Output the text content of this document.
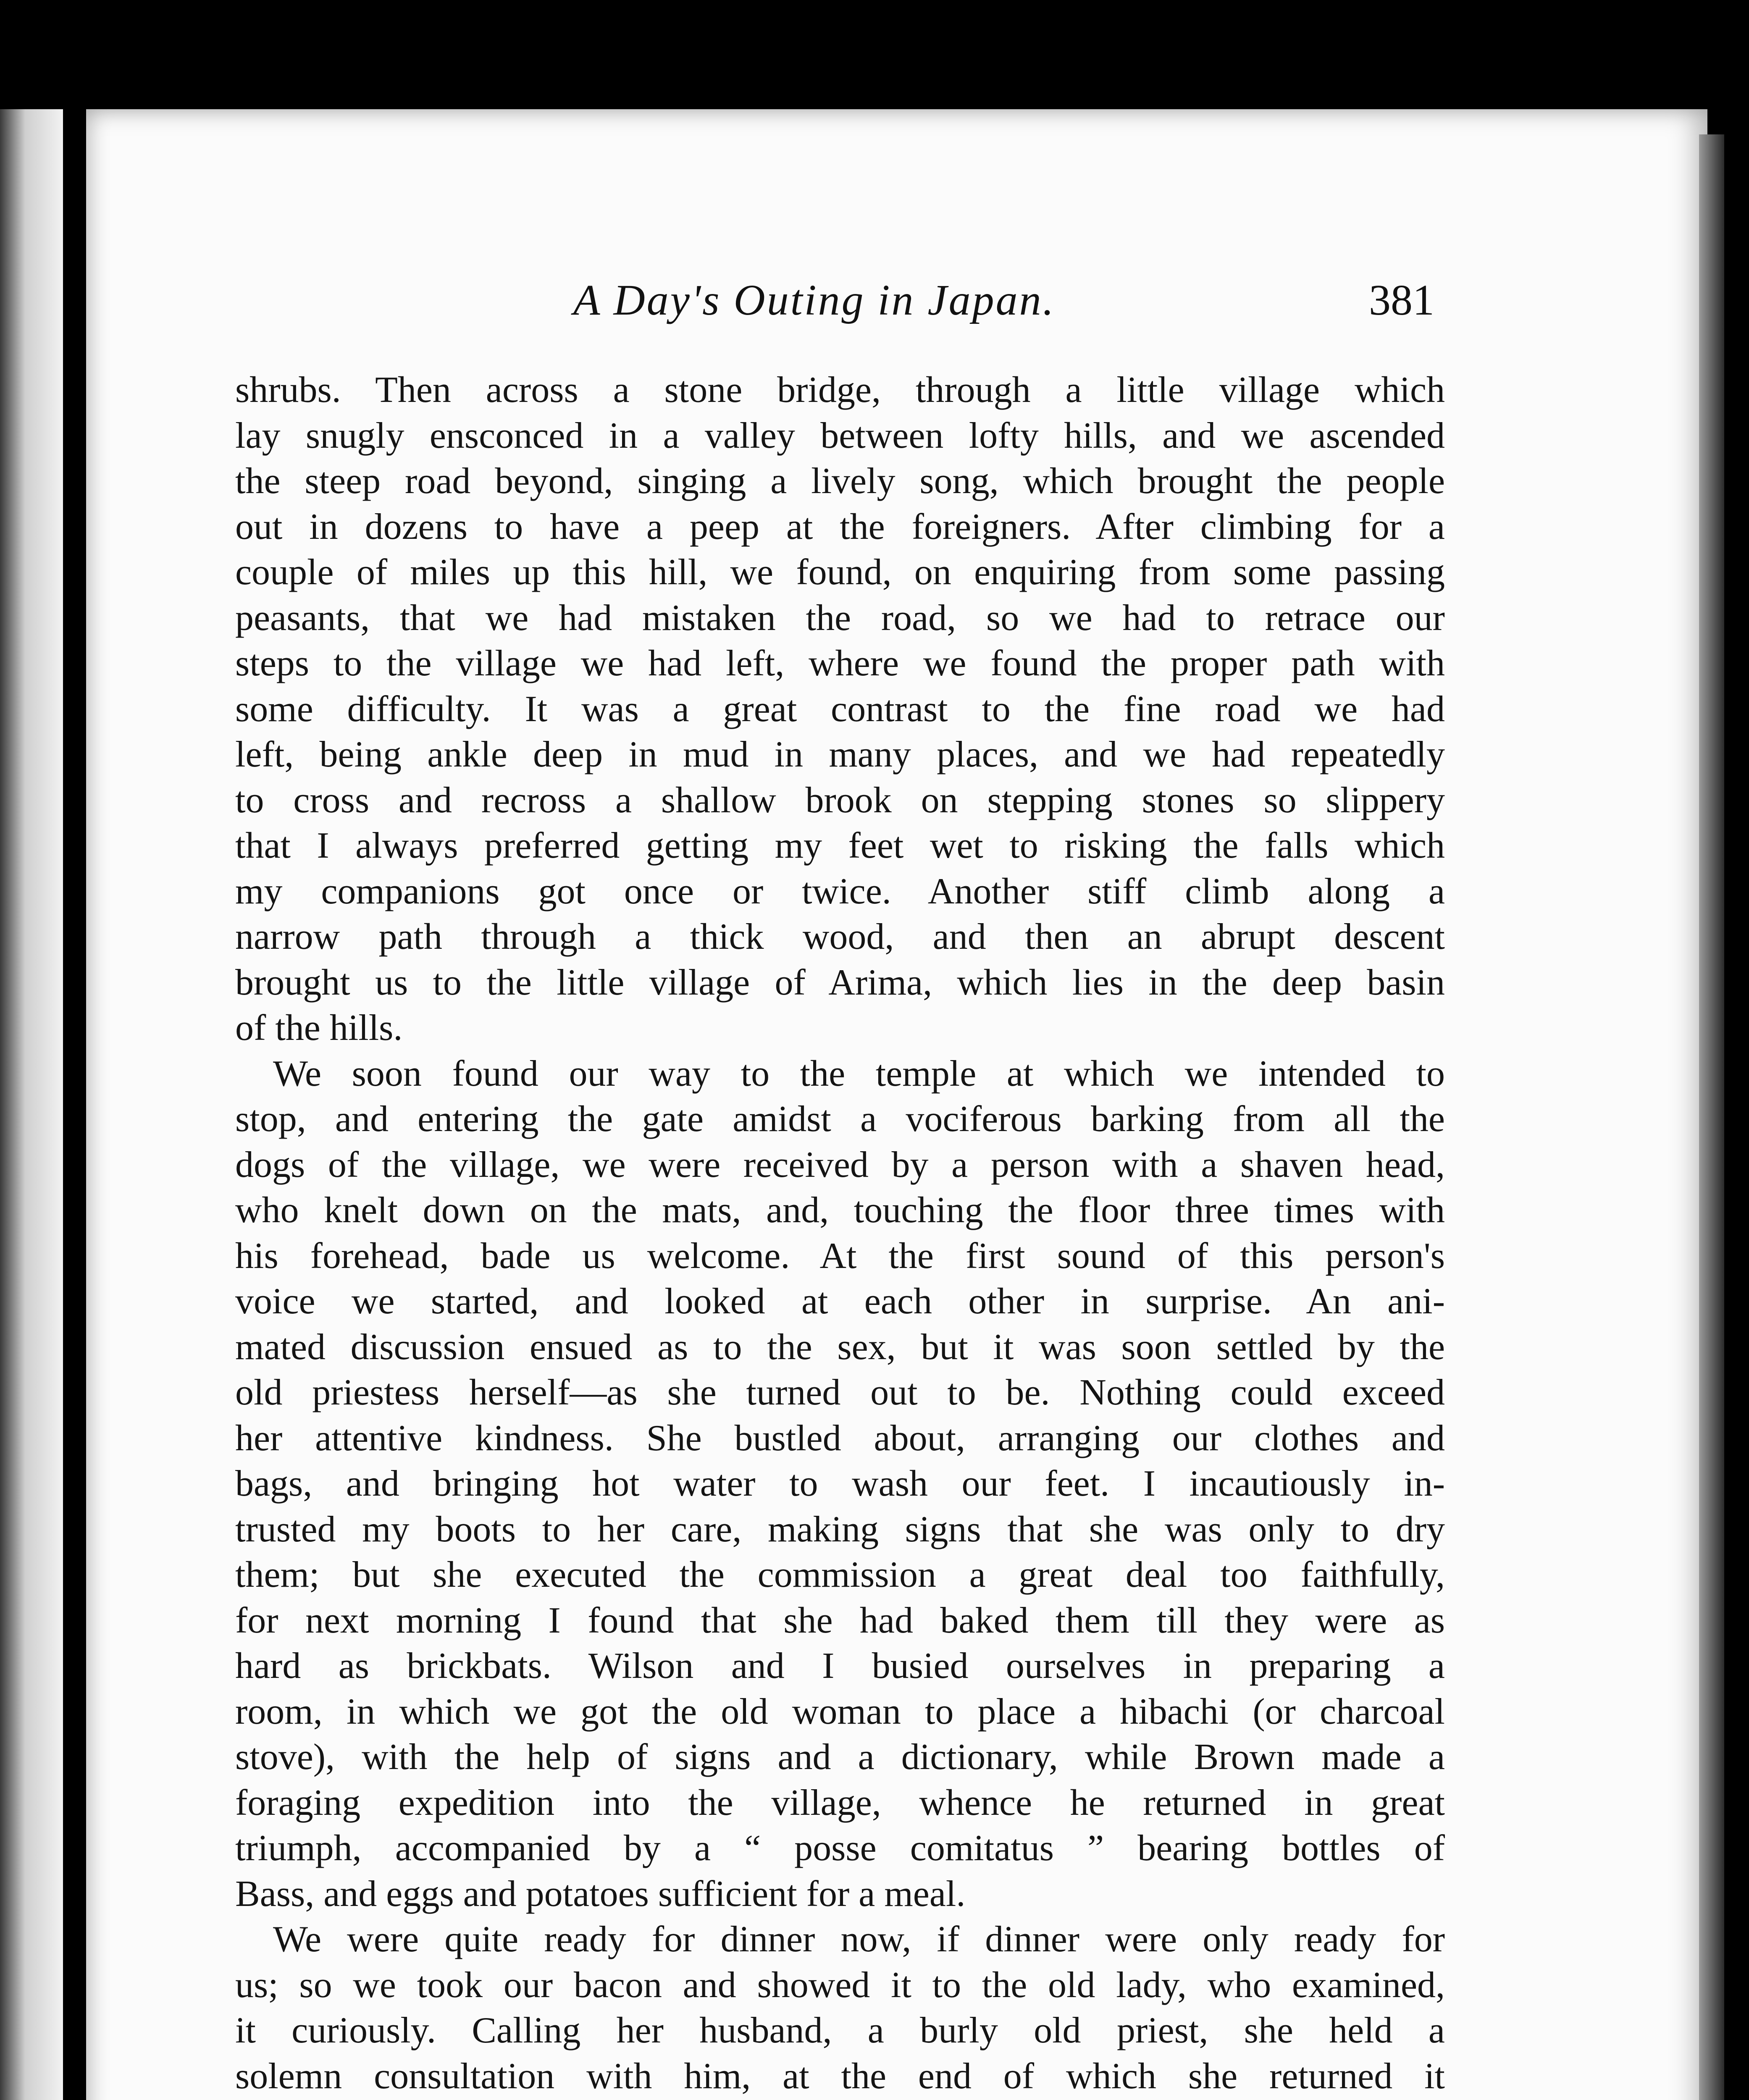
A Day's Outing in Japan.	381
shrubs. Then across a stone bridge, through a little village which
lay snugly ensconced in a valley between lofty hills, and we ascended
the steep road beyond, singing a lively song, which brought the people
out in dozens to have a peep at the foreigners. After climbing for a
couple of miles up this hill, we found, on enquiring from some passing
peasants, that we had mistaken the road, so we had to retrace our
steps to the village we had left, where we found the proper path with
some difficulty. It was a great contrast to the fine road we had
left, being ankle deep in mud in many places, and we had repeatedly
to cross and recross a shallow brook on stepping stones so slippery
that I always preferred getting my feet wet to risking the falls which
my companions got once or twice. Another stiff climb along a
narrow path through a thick wood, and then an abrupt descent
brought us to the little village of Arima, which lies in the deep basin
of the hills.
We soon found our way to the temple at which we intended to
stop, and entering the gate amidst a vociferous barking from all the
dogs of the village, we were received by a person with a shaven head,
who knelt down on the mats, and, touching the floor three times with
his forehead, bade us welcome. At the first sound of this person's
voice we started, and looked at each other in surprise. An ani-
mated discussion ensued as to the sex, but it was soon settled by the
old priestess herself—as she turned out to be. Nothing could exceed
her attentive kindness. She bustled about, arranging our clothes and
bags, and bringing hot water to wash our feet. I incautiously in-
trusted my boots to her care, making signs that she was only to dry
them; but she executed the commission a great deal too faithfully,
for next morning I found that she had baked them till they were as
hard as brickbats. Wilson and I busied ourselves in preparing a
room, in which we got the old woman to place a hibachi (or charcoal
stove), with the help of signs and a dictionary, while Brown made a
foraging expedition into the village, whence he returned in great
triumph, accompanied by a “ posse comitatus ” bearing bottles of
Bass, and eggs and potatoes sufficient for a meal.
We were quite ready for dinner now, if dinner were only ready for
us; so we took our bacon and showed it to the old lady, who examined,
it curiously. Calling her husband, a burly old priest, she held a
solemn consultation with him, at the end of which she returned it
